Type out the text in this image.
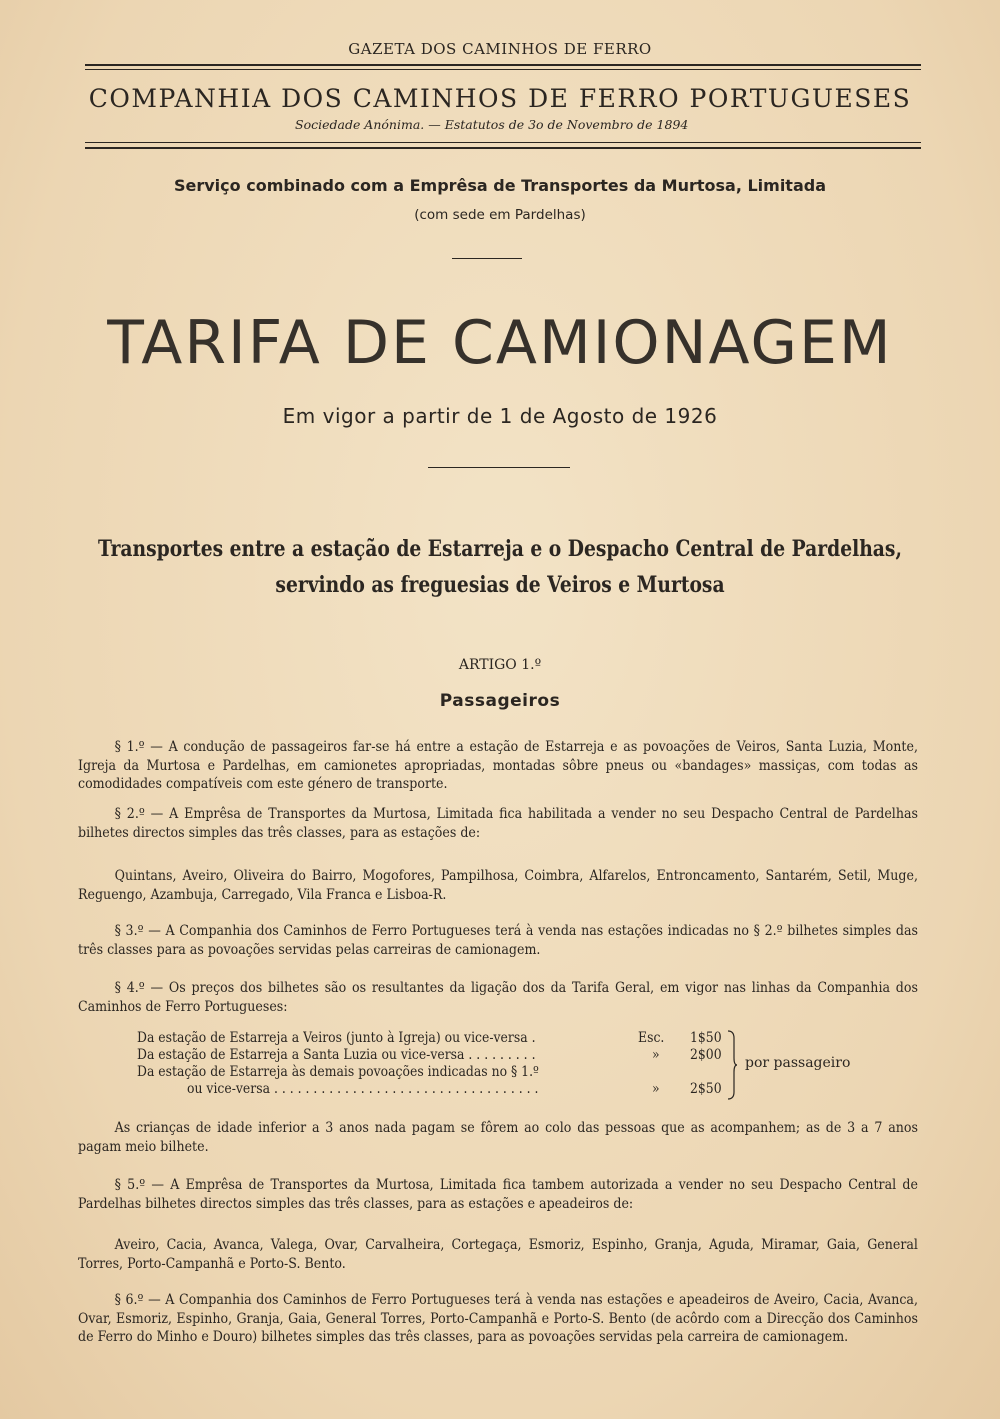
GAZETA DOS CAMINHOS DE FERRO
COMPANHIA DOS CAMINHOS DE FERRO PORTUGUESES
Sociedade Anónima. — Estatutos de 3o de Novembro de 1894
Serviço combinado com a Emprêsa de Transportes da Murtosa, Limitada
(com sede em Pardelhas)
TARIFA DE CAMIONAGEM
Em vigor a partir de 1 de Agosto de 1926
Transportes entre a estação de Estarreja e o Despacho Central de Pardelhas,
servindo as freguesias de Veiros e Murtosa
ARTIGO 1.º
Passageiros
§ 1.º — A condução de passageiros far-se há entre a estação de Estarreja e as povoações de Veiros, Santa Luzia, Monte, Igreja da Murtosa e Pardelhas, em camionetes apropriadas, montadas sôbre pneus ou «bandages» massiças, com todas as comodidades compatíveis com este género de transporte.
§ 2.º — A Emprêsa de Transportes da Murtosa, Limitada fica habilitada a vender no seu Despacho Central de Pardelhas bilhetes directos simples das três classes, para as estações de:
Quintans, Aveiro, Oliveira do Bairro, Mogofores, Pampilhosa, Coimbra, Alfarelos, Entroncamento, Santarém, Setil, Muge, Reguengo, Azambuja, Carregado, Vila Franca e Lisboa-R.
§ 3.º — A Companhia dos Caminhos de Ferro Portugueses terá à venda nas estações indicadas no § 2.º bilhetes simples das três classes para as povoações servidas pelas carreiras de camionagem.
§ 4.º — Os preços dos bilhetes são os resultantes da ligação dos da Tarifa Geral, em vigor nas linhas da Companhia dos Caminhos de Ferro Portugueses:
Da estação de Estarreja a Veiros (junto à Igreja) ou vice-versa .	Esc. 1$50
Da estação de Estarreja a Santa Luzia ou vice-versa . . . . . . . . .	» 2$00
Da estação de Estarreja às demais povoações indicadas no § 1.º
ou vice-versa . . . . . . . . . . . . . . . . . . . . . . . . . . . . . . . . . .	» 2$50
por passageiro
As crianças de idade inferior a 3 anos nada pagam se fôrem ao colo das pessoas que as acompanhem; as de 3 a 7 anos pagam meio bilhete.
§ 5.º — A Emprêsa de Transportes da Murtosa, Limitada fica tambem autorizada a vender no seu Despacho Central de Pardelhas bilhetes directos simples das três classes, para as estações e apeadeiros de:
Aveiro, Cacia, Avanca, Valega, Ovar, Carvalheira, Cortegaça, Esmoriz, Espinho, Granja, Aguda, Miramar, Gaia, General Torres, Porto-Campanhã e Porto-S. Bento.
§ 6.º — A Companhia dos Caminhos de Ferro Portugueses terá à venda nas estações e apeadeiros de Aveiro, Cacia, Avanca, Ovar, Esmoriz, Espinho, Granja, Gaia, General Torres, Porto-Campanhã e Porto-S. Bento (de acôrdo com a Direcção dos Caminhos de Ferro do Minho e Douro) bilhetes simples das três classes, para as povoações servidas pela carreira de camionagem.
